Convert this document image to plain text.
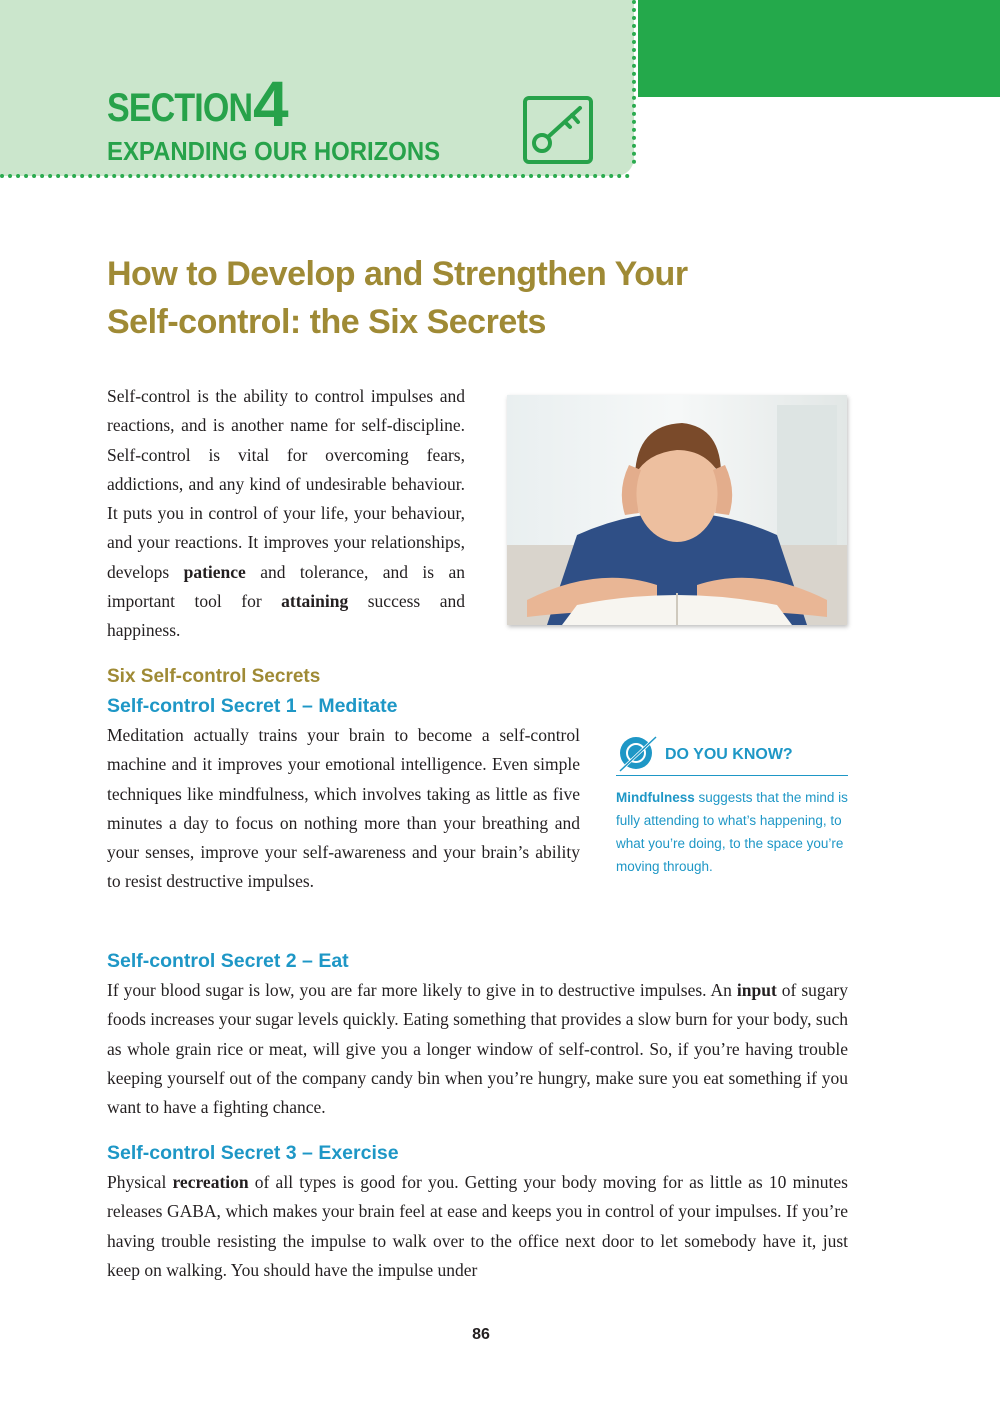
SECTION 4
EXPANDING OUR HORIZONS
How to Develop and Strengthen Your
Self-control: the Six Secrets

Self-control is the ability to control impulses and reactions, and is another name for self-discipline. Self-control is vital for overcoming fears, addictions, and any kind of undesirable behaviour. It puts you in control of your life, your behaviour, and your reactions. It improves your relationships, develops patience and tolerance, and is an important tool for attaining success and happiness.

Six Self-control Secrets
Self-control Secret 1 – Meditate

Meditation actually trains your brain to become a self-control machine and it improves your emotional intelligence. Even simple techniques like mindfulness, which involves taking as little as five minutes a day to focus on nothing more than your breathing and your senses, improve your self-awareness and your brain’s ability to resist destructive impulses.

DO YOU KNOW?

Mindfulness suggests that the mind is fully attending to what’s happening, to what you’re doing, to the space you’re moving through.

Self-control Secret 2 – Eat

If your blood sugar is low, you are far more likely to give in to destructive impulses. An input of sugary foods increases your sugar levels quickly. Eating something that provides a slow burn for your body, such as whole grain rice or meat, will give you a longer window of self-control. So, if you’re having trouble keeping yourself out of the company candy bin when you’re hungry, make sure you eat something if you want to have a fighting chance.

Self-control Secret 3 – Exercise

Physical recreation of all types is good for you. Getting your body moving for as little as 10 minutes releases GABA, which makes your brain feel at ease and keeps you in control of your impulses. If you’re having trouble resisting the impulse to walk over to the office next door to let somebody have it, just keep on walking. You should have the impulse under

86
